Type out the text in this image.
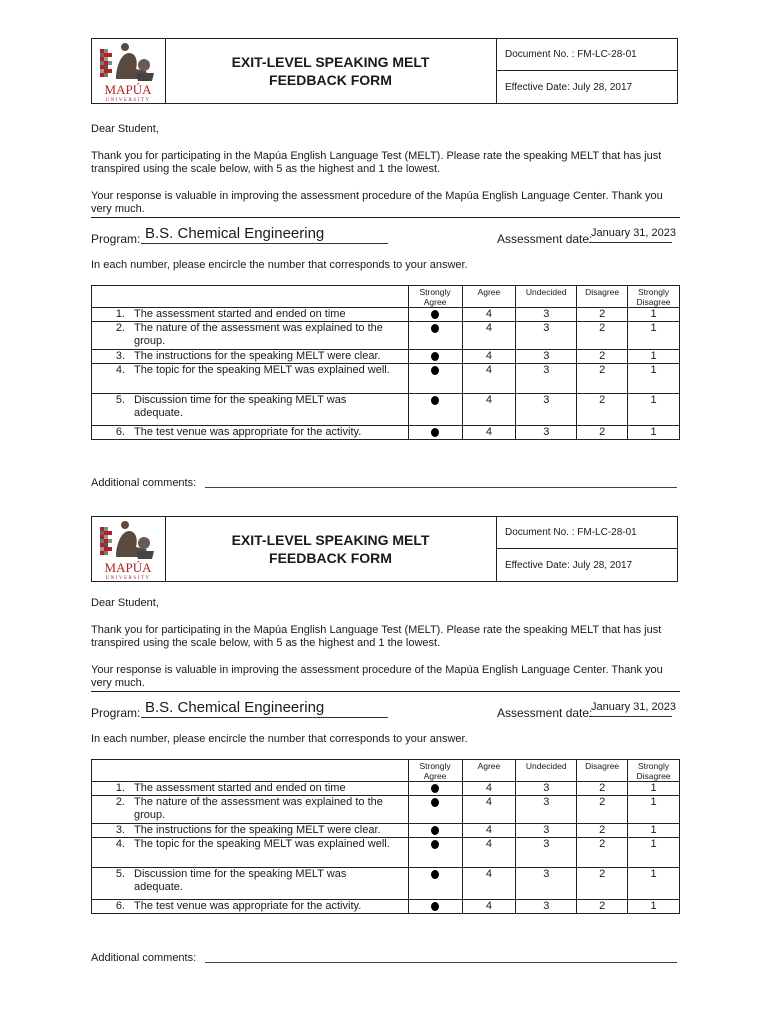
MAPÚA
UNIVERSITY
EXIT-LEVEL SPEAKING MELT
FEEDBACK FORM
Document No. : FM-LC-28-01
Effective Date: July 28, 2017
Dear Student,
Thank you for participating in the Mapúa English Language Test (MELT). Please rate the speaking MELT that has just transpired using the scale below, with 5 as the highest and 1 the lowest.
Your response is valuable in improving the assessment procedure of the Mapúa English Language Center. Thank you very much.
Program: B.S. Chemical Engineering	Assessment date:
January 31, 2023
In each number, please encircle the number that corresponds to your answer.
	Strongly Agree	Agree	Undecided	Disagree	Strongly Disagree
1. The assessment started and ended on time		4	3	2	1
2. The nature of the assessment was explained to the group.		4	3	2	1
3. The instructions for the speaking MELT were clear.		4	3	2	1
4. The topic for the speaking MELT was explained well.		4	3	2	1
5. Discussion time for the speaking MELT was adequate.		4	3	2	1
6. The test venue was appropriate for the activity.		4	3	2	1
Additional comments:
MAPÚA
UNIVERSITY
EXIT-LEVEL SPEAKING MELT
FEEDBACK FORM
Document No. : FM-LC-28-01
Effective Date: July 28, 2017
Dear Student,
Thank you for participating in the Mapúa English Language Test (MELT). Please rate the speaking MELT that has just transpired using the scale below, with 5 as the highest and 1 the lowest.
Your response is valuable in improving the assessment procedure of the Mapúa English Language Center. Thank you very much.
Program: B.S. Chemical Engineering	Assessment date:
January 31, 2023
In each number, please encircle the number that corresponds to your answer.
	Strongly Agree	Agree	Undecided	Disagree	Strongly Disagree
1. The assessment started and ended on time		4	3	2	1
2. The nature of the assessment was explained to the group.		4	3	2	1
3. The instructions for the speaking MELT were clear.		4	3	2	1
4. The topic for the speaking MELT was explained well.		4	3	2	1
5. Discussion time for the speaking MELT was adequate.		4	3	2	1
6. The test venue was appropriate for the activity.		4	3	2	1
Additional comments:
